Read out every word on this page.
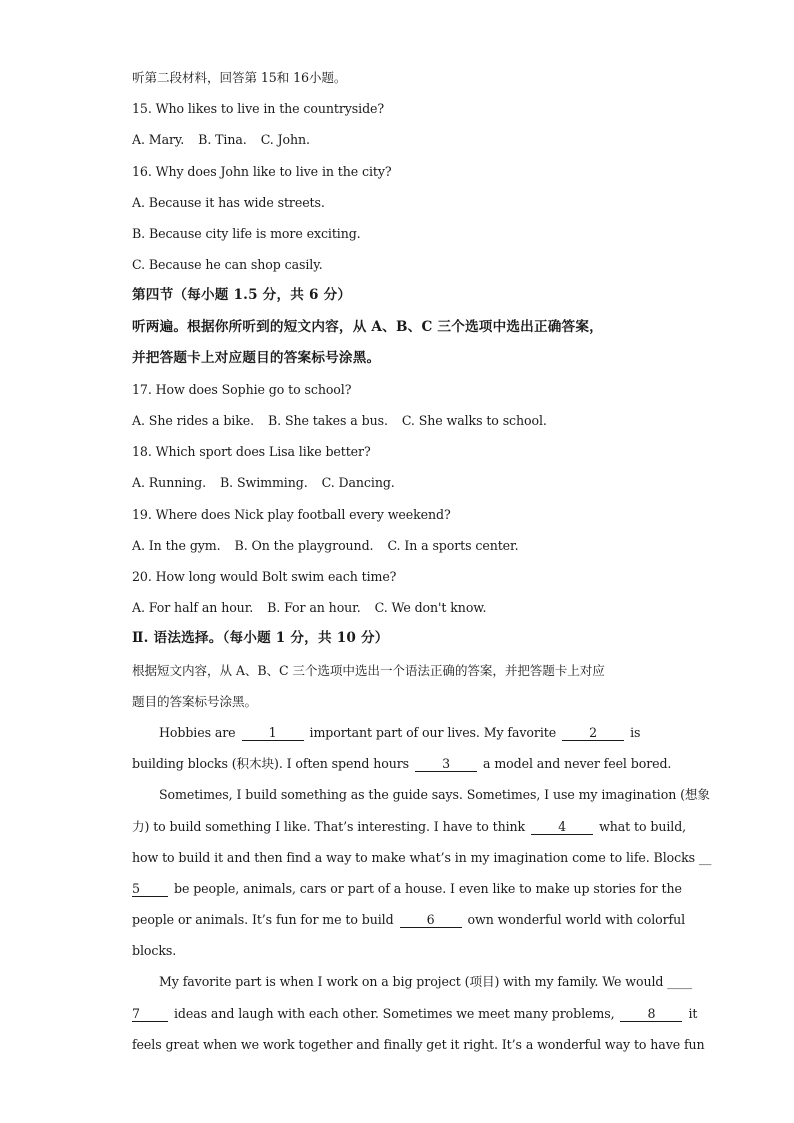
听第二段材料，回答第 15和 16小题。
15. Who likes to live in the countryside?
A. Mary. B. Tina. C. John.
16. Why does John like to live in the city?
A. Because it has wide streets.
B. Because city life is more exciting.
C. Because he can shop casily.
第四节（每小题 1.5 分，共 6 分）
听两遍。根据你所听到的短文内容，从 A、B、C 三个选项中选出正确答案，
并把答题卡上对应题目的答案标号涂黑。
17. How does Sophie go to school?
A. She rides a bike. B. She takes a bus. C. She walks to school.
18. Which sport does Lisa like better?
A. Running. B. Swimming. C. Dancing.
19. Where does Nick play football every weekend?
A. In the gym. B. On the playground. C. In a sports center.
20. How long would Bolt swim each time?
A. For half an hour. B. For an hour. C. We don't know.
Ⅱ. 语法选择。（每小题 1 分，共 10 分）
根据短文内容，从 A、B、C 三个选项中选出一个语法正确的答案，并把答题卡上对应
题目的答案标号涂黑。
Hobbies are	1	important part of our lives. My favorite	2	is
building blocks (积木块). I often spend hours	3	a model and never feel bored.
Sometimes, I build something as the guide says. Sometimes, I use my imagination (想象
力) to build something I like. That’s interesting. I have to think	4	what to build,
how to build it and then find a way to make what’s in my imagination come to life. Blocks __
5	be people, animals, cars or part of a house. I even like to make up stories for the
people or animals. It’s fun for me to build	6	own wonderful world with colorful
blocks.
My favorite part is when I work on a big project (项目) with my family. We would ____
7	ideas and laugh with each other. Sometimes we meet many problems,	8	it
feels great when we work together and finally get it right. It’s a wonderful way to have fun
